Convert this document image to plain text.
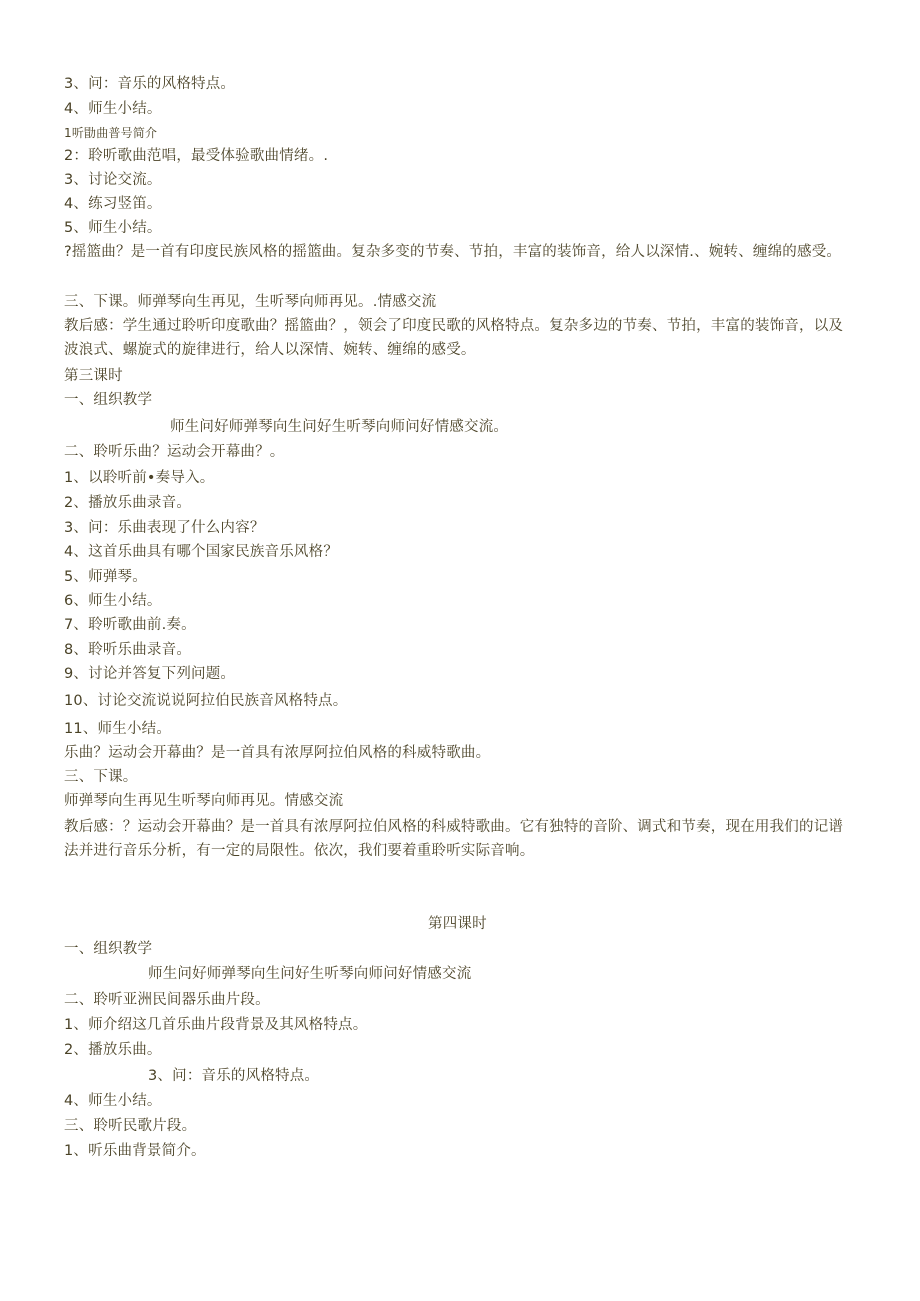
3、问：音乐的风格特点。
4、师生小结。
1听勖曲普号简介
2：聆听歌曲范唱，最受体验歌曲情绪。.
3、讨论交流。
4、练习竖笛。
5、师生小结。
?摇篮曲？是一首有印度民族风格的摇篮曲。复杂多变的节奏、节拍，丰富的装饰音，给人以深情.、婉转、缠绵的感受。
三、下课。师弹琴向生再见，生听琴向师再见。.情感交流
教后感：学生通过聆听印度歌曲？摇篮曲？，领会了印度民歌的风格特点。复杂多边的节奏、节拍，丰富的装饰音，以及波浪式、螺旋式的旋律进行，给人以深情、婉转、缠绵的感受。
第三课时
一、组织教学
师生问好师弹琴向生问好生听琴向师问好情感交流。
二、聆听乐曲？运动会开幕曲？。
1、以聆听前•奏导入。
2、播放乐曲录音。
3、问：乐曲表现了什么内容？
4、这首乐曲具有哪个国家民族音乐风格？
5、师弹琴。
6、师生小结。
7、聆听歌曲前.奏。
8、聆听乐曲录音。
9、讨论并答复下列问题。
10、讨论交流说说阿拉伯民族音风格特点。
11、师生小结。
乐曲？运动会开幕曲？是一首具有浓厚阿拉伯风格的科威特歌曲。
三、下课。
师弹琴向生再见生听琴向师再见。情感交流
教后感：？运动会开幕曲？是一首具有浓厚阿拉伯风格的科威特歌曲。它有独特的音阶、调式和节奏，现在用我们的记谱法并进行音乐分析，有一定的局限性。依次，我们要着重聆听实际音响。
第四课时
一、组织教学
师生问好师弹琴向生问好生听琴向师问好情感交流
二、聆听亚洲民间器乐曲片段。
1、师介绍这几首乐曲片段背景及其风格特点。
2、播放乐曲。
3、问：音乐的风格特点。
4、师生小结。
三、聆听民歌片段。
1、听乐曲背景简介。
